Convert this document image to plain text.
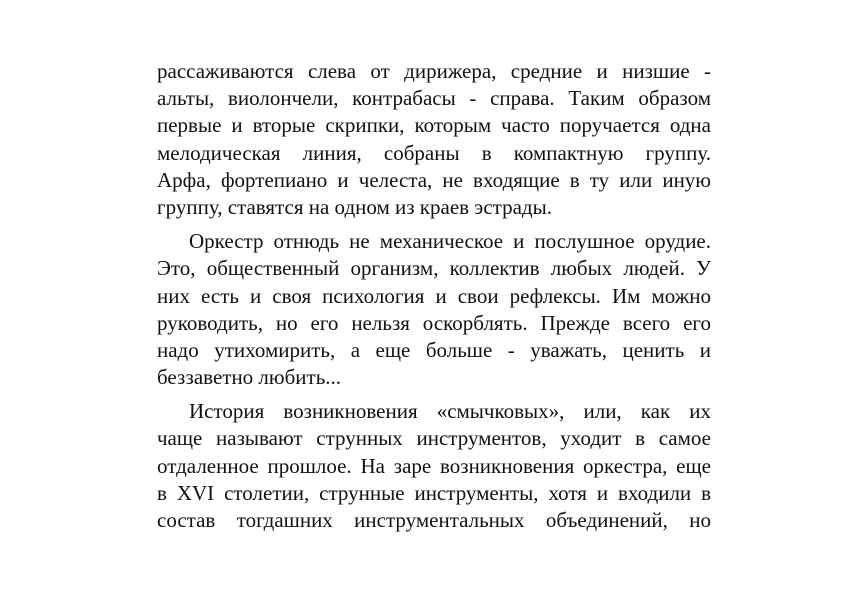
рассаживаются слева от дирижера, средние и низшие -
альты, виолончели, контрабасы - справа. Таким образом
первые и вторые скрипки, которым часто поручается одна
мелодическая линия, собраны в компактную группу.
Арфа, фортепиано и челеста, не входящие в ту или иную
группу, ставятся на одном из краев эстрады.
Оркестр отнюдь не механическое и послушное орудие.
Это, общественный организм, коллектив любых людей. У
них есть и своя психология и свои рефлексы. Им можно
руководить, но его нельзя оскорблять. Прежде всего его
надо утихомирить, а еще больше - уважать, ценить и
беззаветно любить...
История возникновения «смычковых», или, как их
чаще называют струнных инструментов, уходит в самое
отдаленное прошлое. На заре возникновения оркестра, еще
в XVI столетии, струнные инструменты, хотя и входили в
состав тогдашних инструментальных объединений, но
